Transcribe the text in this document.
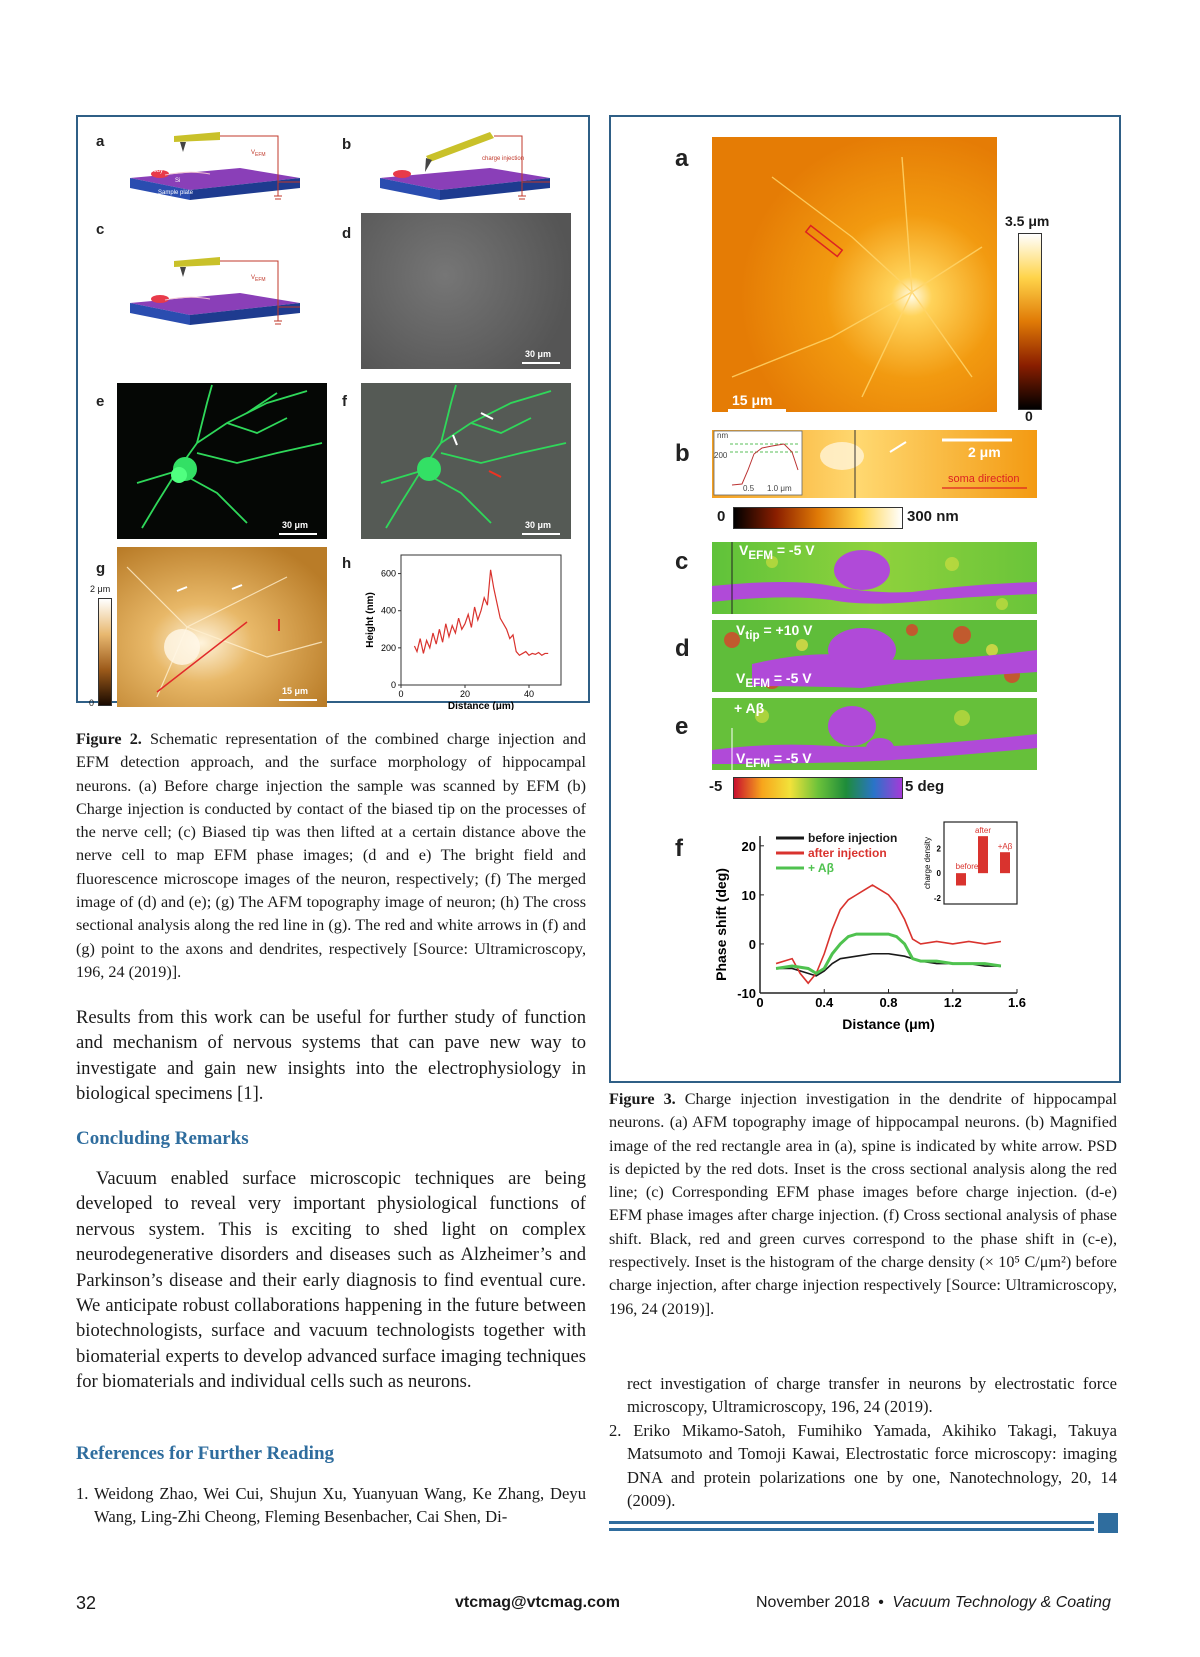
a	b
c	d
e	f
g	h
$V_{EFM}$
Cell body
Si
Sample plate
charge injection
$V_{EFM}$
30 μm
30 μm	30 μm
2 μm
0
15 μm	0	20	40
0
200
400
600
Distance (μm)
Height (nm)
Figure 2. Schematic representation of the combined charge injection and EFM detection approach, and the surface morphology of hippocampal neurons. (a) Before charge injection the sample was scanned by EFM (b) Charge injection is conducted by contact of the biased tip on the processes of the nerve cell; (c) Biased tip was then lifted at a certain distance above the nerve cell to map EFM phase images; (d and e) The bright field and fluorescence microscope images of the neuron, respectively; (f) The merged image of (d) and (e); (g) The AFM topography image of neuron; (h) The cross sectional analysis along the red line in (g). The red and white arrows in (f) and (g) point to the axons and dendrites, respectively [Source: Ultramicroscopy, 196, 24 (2019)].
Results from this work can be useful for further study of function and mechanism of nervous systems that can pave new way to investigate and gain new insights into the electrophysiology in biological specimens [1].
Concluding Remarks
Vacuum enabled surface microscopic techniques are being developed to reveal very important physiological functions of nervous system. This is exciting to shed light on complex neurodegenerative disorders and diseases such as Alzheimer’s and Parkinson’s disease and their early diagnosis to find eventual cure. We anticipate robust collaborations happening in the future between biotechnologists, surface and vacuum technologists together with biomaterial experts to develop advanced surface imaging techniques for biomaterials and individual cells such as neurons.
References for Further Reading
1. Weidong Zhao, Wei Cui, Shujun Xu, Yuanyuan Wang, Ke Zhang, Deyu Wang, Ling-Zhi Cheong, Fleming Besenbacher, Cai Shen, Di-
a
b
c
d
e
f
15 μm
3.5 μm
0
nm
200
0.5 1.0 μm
2 μm
soma direction
0	300 nm
$V_{EFM} = -5$ V
$V_{tip} = +10$ V
$V_{EFM} = -5$ V
+ Aβ
$V_{EFM} = -5$ V
-5	5 deg
0	0.4	0.8	1.2	1.6
-10
0
10
20
Distance (μm)
Phase shift (deg)
before injection
after injection
+ Aβ
-2
0
2
charge density	before
after
+Aβ
Figure 3. Charge injection investigation in the dendrite of hippocampal neurons. (a) AFM topography image of hippocampal neurons. (b) Magnified image of the red rectangle area in (a), spine is indicated by white arrow. PSD is depicted by the red dots. Inset is the cross sectional analysis along the red line; (c) Corresponding EFM phase images before charge injection. (d-e) EFM phase images after charge injection. (f) Cross sectional analysis of phase shift. Black, red and green curves correspond to the phase shift in (c-e), respectively. Inset is the histogram of the charge density (× 10⁵ C/μm²) before charge injection, after charge injection respectively [Source: Ultramicroscopy, 196, 24 (2019)].
rect investigation of charge transfer in neurons by electrostatic force microscopy, Ultramicroscopy, 196, 24 (2019).
2. Eriko Mikamo-Satoh, Fumihiko Yamada, Akihiko Takagi, Takuya Matsumoto and Tomoji Kawai, Electrostatic force microscopy: imaging DNA and protein polarizations one by one, Nanotechnology, 20, 14 (2009).
32	vtcmag@vtcmag.com	November 2018 • Vacuum Technology & Coating
